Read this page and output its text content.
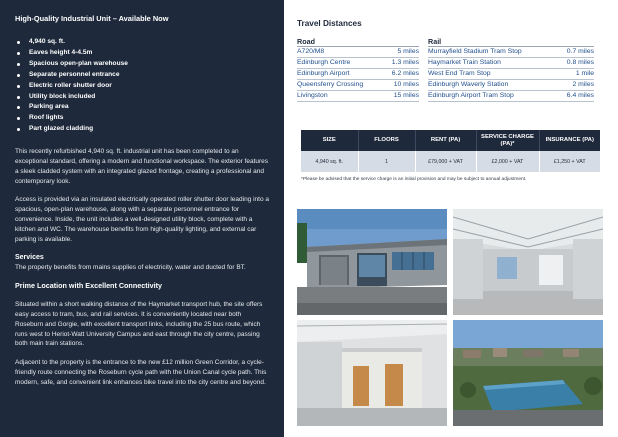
High-Quality Industrial Unit – Available Now
4,940 sq. ft.
Eaves height 4-4.5m
Spacious open-plan warehouse
Separate personnel entrance
Electric roller shutter door
Utility block included
Parking area
Roof lights
Part glazed cladding

This recently refurbished 4,940 sq. ft. industrial unit has been completed to an exceptional standard, offering a modern and functional workspace. The exterior features a sleek cladded system with an integrated glazed frontage, creating a professional and contemporary look.

Access is provided via an insulated electrically operated roller shutter door leading into a spacious, open-plan warehouse, along with a separate personnel entrance for convenience. Inside, the unit includes a well-designed utility block, complete with a kitchen and WC. The warehouse benefits from high-quality lighting, and external car parking is available.

Services

The property benefits from mains supplies of electricity, water and ducted for BT.

Prime Location with Excellent Connectivity

Situated within a short walking distance of the Haymarket transport hub, the site offers easy access to tram, bus, and rail services. It is conveniently located near both Roseburn and Gorgie, with excellent transport links, including the 25 bus route, which runs west to Heriot-Watt University Campus and east through the city centre, passing both main train stations.

Adjacent to the property is the entrance to the new £12 million Green Corridor, a cycle-friendly route connecting the Roseburn cycle path with the Union Canal cycle path. This modern, safe, and convenient link enhances bike travel into the city centre and beyond.

Travel Distances
Road
A720/M8	5 miles
Edinburgh Centre	1.3 miles
Edinburgh Airport	6.2 miles
Queensferry Crossing	10 miles
Livingston	15 miles
Rail
Murrayfield Stadium Tram Stop	0.7 miles
Haymarket Train Station	0.8 miles
West End Tram Stop	1 mile
Edinburgh Waverly Station	2 miles
Edinburgh Airport Tram Stop	6.4 miles
SIZE	FLOORS	RENT (PA)	SERVICE CHARGE (PA)*	INSURANCE (PA)
4,940 sq. ft.	1	£79,000 + VAT	£2,000 + VAT	£1,250 + VAT
*Please be advised that the service charge is an initial provision and may be subject to annual adjustment.
